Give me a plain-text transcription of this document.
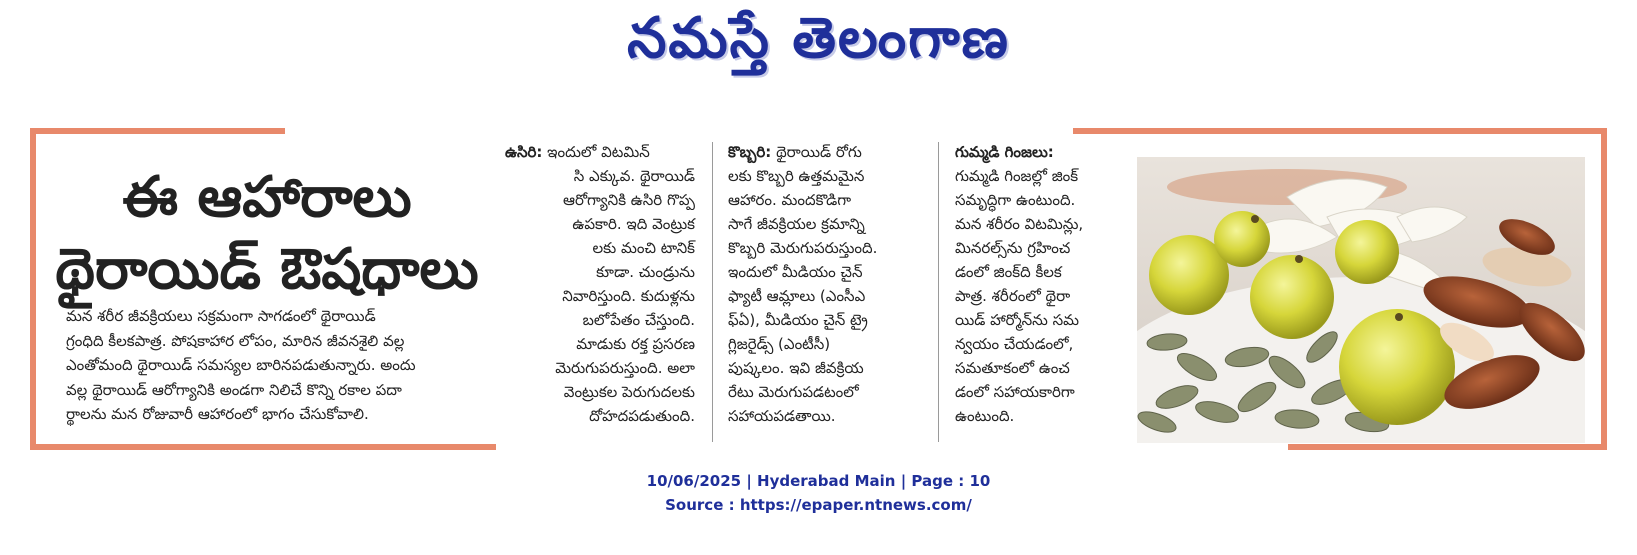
నమస్తే తెలంగాణ
ఈ ఆహారాలు
థైరాయిడ్ ఔషధాలు
మన శరీర జీవక్రియలు సక్రమంగా సాగడంలో థైరాయిడ్
గ్రంధిది కీలకపాత్ర. పోషకాహార లోపం, మారిన జీవనశైలి వల్ల
ఎంతోమంది థైరాయిడ్ సమస్యల బారినపడుతున్నారు. అందు
వల్ల థైరాయిడ్ ఆరోగ్యానికి అండగా నిలిచే కొన్ని రకాల పదా
ర్థాలను మన రోజువారీ ఆహారంలో భాగం చేసుకోవాలి.
ఉసిరి: ఇందులో విటమిన్
సి ఎక్కువ. థైరాయిడ్
ఆరోగ్యానికి ఉసిరి గొప్ప
ఉపకారి. ఇది వెంట్రుక
లకు మంచి టానిక్
కూడా. చుండ్రును
నివారిస్తుంది. కుదుళ్లను
బలోపేతం చేస్తుంది.
మాడుకు రక్త ప్రసరణ
మెరుగుపరుస్తుంది. అలా
వెంట్రుకల పెరుగుదలకు
దోహదపడుతుంది.
కొబ్బరి: థైరాయిడ్ రోగు
లకు కొబ్బరి ఉత్తమమైన
ఆహారం. మందకొడిగా
సాగే జీవక్రియల క్రమాన్ని
కొబ్బరి మెరుగుపరుస్తుంది.
ఇందులో మీడియం చైన్
ఫ్యాటీ ఆమ్లాలు (ఎంసీఎ
ఫ్ఏ), మీడియం చైన్ ట్రై
గ్లిజరైడ్స్ (ఎంటీసీ)
పుష్కలం. ఇవి జీవక్రియ
రేటు మెరుగుపడటంలో
సహాయపడతాయి.
గుమ్మడి గింజలు:
గుమ్మడి గింజల్లో జింక్
సమృద్ధిగా ఉంటుంది.
మన శరీరం విటమిన్లు,
మినరల్స్‌ను గ్రహించ
డంలో జింక్‌ది కీలక
పాత్ర. శరీరంలో థైరా
యిడ్ హార్మోన్‌ను సమ
న్వయం చేయడంలో,
సమతూకంలో ఉంచ
డంలో సహాయకారిగా
ఉంటుంది.
10/06/2025 | Hyderabad Main | Page : 10
Source : https://epaper.ntnews.com/
